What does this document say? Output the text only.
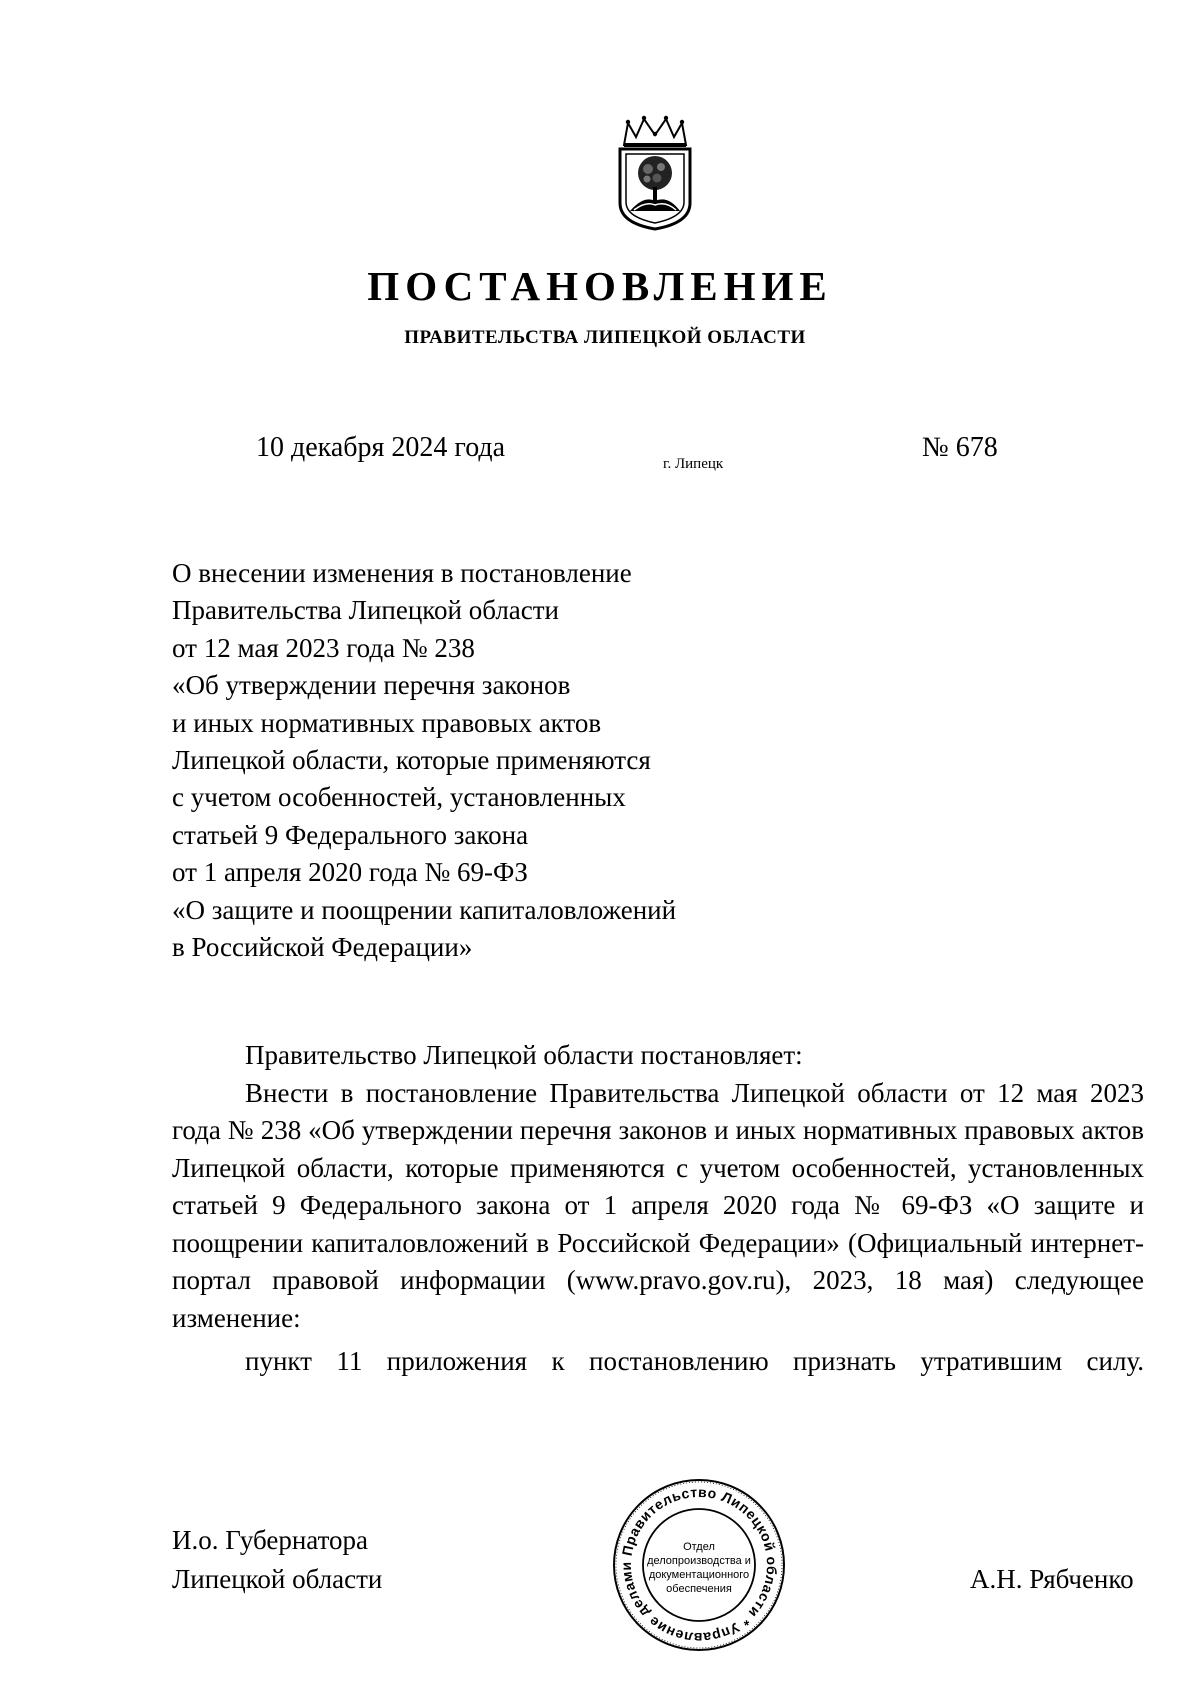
ПОСТАНОВЛЕНИЕ
ПРАВИТЕЛЬСТВА ЛИПЕЦКОЙ ОБЛАСТИ
10 декабря 2024 года
г. Липецк
№ 678
О внесении изменения в постановление
Правительства Липецкой области
от 12 мая 2023 года № 238
«Об утверждении перечня законов
и иных нормативных правовых актов
Липецкой области, которые применяются
с учетом особенностей, установленных
статьей 9 Федерального закона
от 1 апреля 2020 года № 69-ФЗ
«О защите и поощрении капиталовложений
в Российской Федерации»
Правительство Липецкой области постановляет:

Внести в постановление Правительства Липецкой области от 12 мая 2023 года № 238 «Об утверждении перечня законов и иных нормативных правовых актов Липецкой области, которые применяются с учетом особенностей, установленных статьей 9 Федерального закона от 1 апреля 2020 года № 69-ФЗ «О защите и поощрении капиталовложений в Российской Федерации» (Официальный интернет-портал правовой информации (www.pravo.gov.ru), 2023, 18 мая) следующее изменение:

пункт 11 приложения к постановлению признать утратившим силу.
И.о. Губернатора
Липецкой области	А.Н. Рябченко
Правительство Липецкой области * Управление делами
Отдел
делопроизводства и
документационного
обеспечения
